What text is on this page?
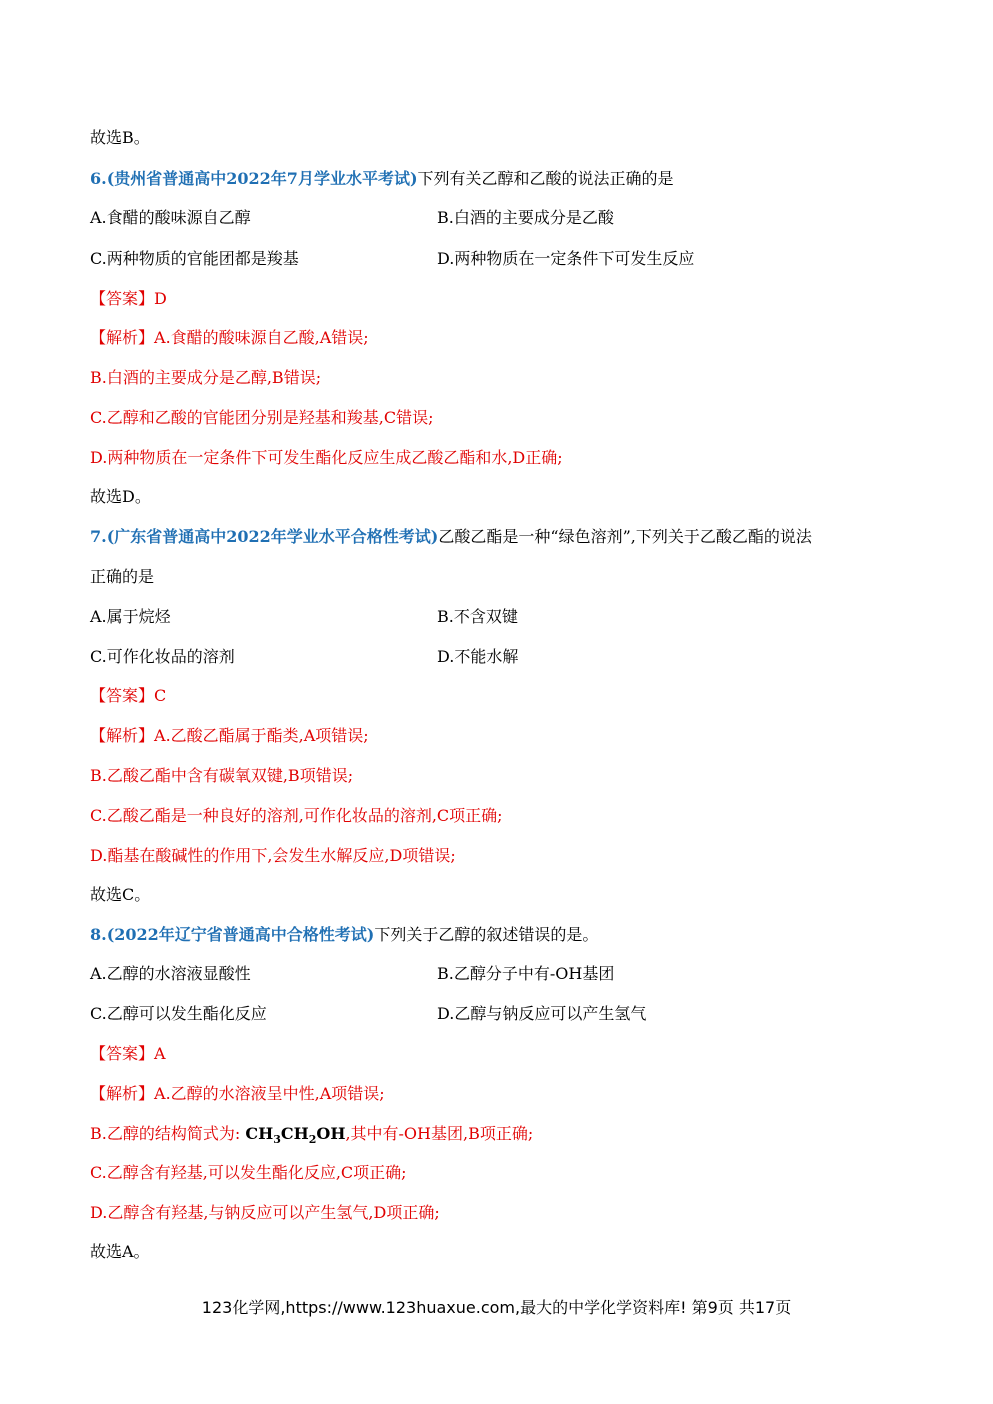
故选B。
6.(贵州省普通高中2022年7月学业水平考试)下列有关乙醇和乙酸的说法正确的是
A.食醋的酸味源自乙醇	B.白酒的主要成分是乙酸
C.两种物质的官能团都是羧基	D.两种物质在一定条件下可发生反应
【答案】D
【解析】A.食醋的酸味源自乙酸,A错误;
B.白酒的主要成分是乙醇,B错误;
C.乙醇和乙酸的官能团分别是羟基和羧基,C错误;
D.两种物质在一定条件下可发生酯化反应生成乙酸乙酯和水,D正确;
故选D。
7.(广东省普通高中2022年学业水平合格性考试)乙酸乙酯是一种“绿色溶剂”,下列关于乙酸乙酯的说法
正确的是
A.属于烷烃	B.不含双键
C.可作化妆品的溶剂	D.不能水解
【答案】C
【解析】A.乙酸乙酯属于酯类,A项错误;
B.乙酸乙酯中含有碳氧双键,B项错误;
C.乙酸乙酯是一种良好的溶剂,可作化妆品的溶剂,C项正确;
D.酯基在酸碱性的作用下,会发生水解反应,D项错误;
故选C。
8.(2022年辽宁省普通高中合格性考试)下列关于乙醇的叙述错误的是。
A.乙醇的水溶液显酸性	B.乙醇分子中有-OH基团
C.乙醇可以发生酯化反应	D.乙醇与钠反应可以产生氢气
【答案】A
【解析】A.乙醇的水溶液呈中性,A项错误;
B.乙醇的结构简式为: $CH_3CH_2OH$,其中有-OH基团,B项正确;
C.乙醇含有羟基,可以发生酯化反应,C项正确;
D.乙醇含有羟基,与钠反应可以产生氢气,D项正确;
故选A。
123化学网,https://www.123huaxue.com,最大的中学化学资料库! 第9页 共17页
